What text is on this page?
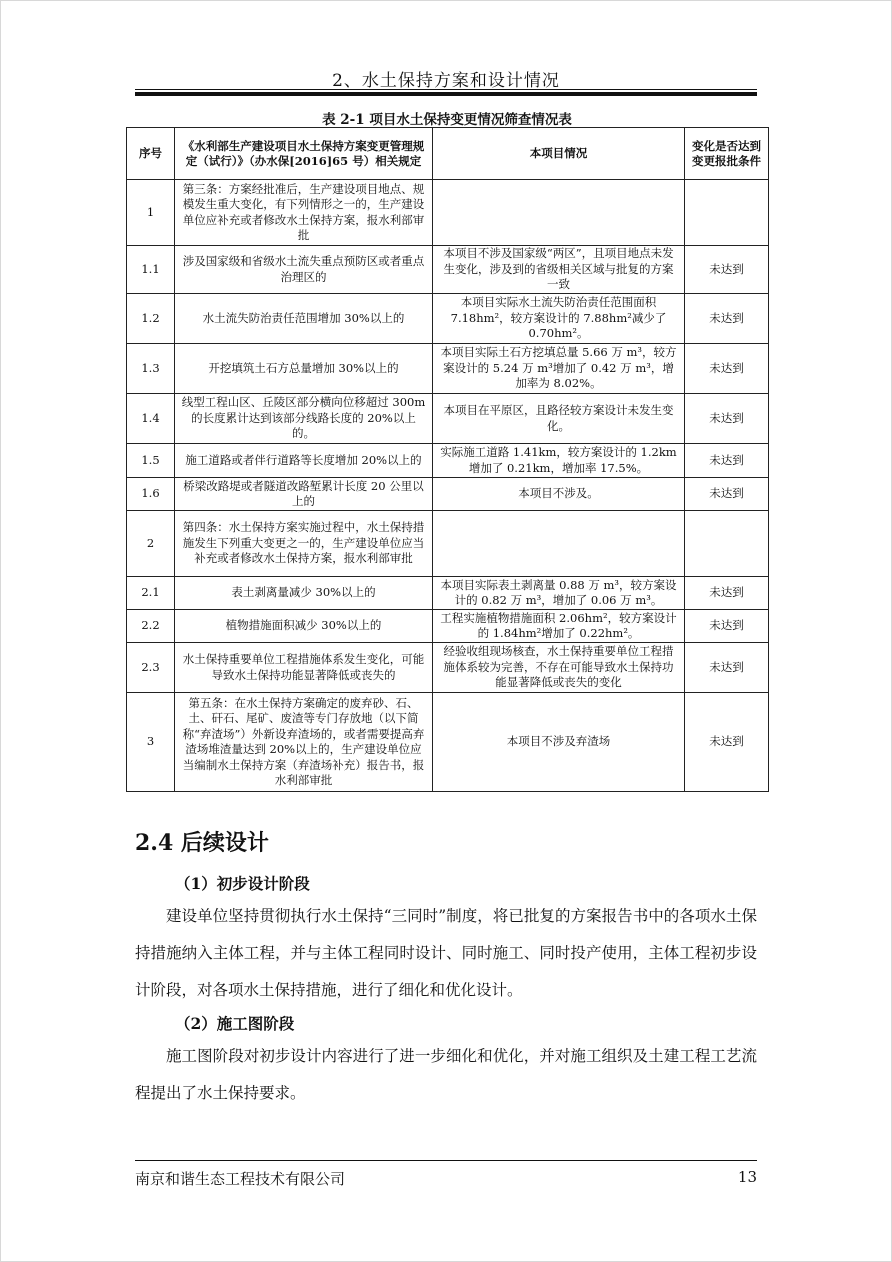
2、水土保持方案和设计情况
表 2-1 项目水土保持变更情况筛查情况表
序号	《水利部生产建设项目水土保持方案变更管理规定（试行）》（办水保[2016]65 号）相关规定	本项目情况	变化是否达到变更报批条件
1	第三条：方案经批准后，生产建设项目地点、规模发生重大变化，有下列情形之一的，生产建设单位应补充或者修改水土保持方案，报水利部审批		
1.1	涉及国家级和省级水土流失重点预防区或者重点治理区的	本项目不涉及国家级“两区”，且项目地点未发生变化，涉及到的省级相关区域与批复的方案一致	未达到
1.2	水土流失防治责任范围增加 30%以上的	本项目实际水土流失防治责任范围面积 7.18hm²，较方案设计的 7.88hm²减少了 0.70hm²。	未达到
1.3	开挖填筑土石方总量增加 30%以上的	本项目实际土石方挖填总量 5.66 万 m³，较方案设计的 5.24 万 m³增加了 0.42 万 m³，增加率为 8.02%。	未达到
1.4	线型工程山区、丘陵区部分横向位移超过 300m 的长度累计达到该部分线路长度的 20%以上的。	本项目在平原区，且路径较方案设计未发生变化。	未达到
1.5	施工道路或者伴行道路等长度增加 20%以上的	实际施工道路 1.41km，较方案设计的 1.2km 增加了 0.21km，增加率 17.5%。	未达到
1.6	桥梁改路堤或者隧道改路堑累计长度 20 公里以上的	本项目不涉及。	未达到
2	第四条：水土保持方案实施过程中，水土保持措施发生下列重大变更之一的，生产建设单位应当补充或者修改水土保持方案，报水利部审批		
2.1	表土剥离量减少 30%以上的	本项目实际表土剥离量 0.88 万 m³，较方案设计的 0.82 万 m³，增加了 0.06 万 m³。	未达到
2.2	植物措施面积减少 30%以上的	工程实施植物措施面积 2.06hm²，较方案设计的 1.84hm²增加了 0.22hm²。	未达到
2.3	水土保持重要单位工程措施体系发生变化，可能导致水土保持功能显著降低或丧失的	经验收组现场核查，水土保持重要单位工程措施体系较为完善，不存在可能导致水土保持功能显著降低或丧失的变化	未达到
3	第五条：在水土保持方案确定的废弃砂、石、土、矸石、尾矿、废渣等专门存放地（以下简称“弃渣场”）外新设弃渣场的，或者需要提高弃渣场堆渣量达到 20%以上的，生产建设单位应当编制水土保持方案（弃渣场补充）报告书，报水利部审批	本项目不涉及弃渣场	未达到
2.4 后续设计

（1）初步设计阶段

建设单位坚持贯彻执行水土保持“三同时”制度，将已批复的方案报告书中的各项水土保持措施纳入主体工程，并与主体工程同时设计、同时施工、同时投产使用，主体工程初步设计阶段，对各项水土保持措施，进行了细化和优化设计。

（2）施工图阶段

施工图阶段对初步设计内容进行了进一步细化和优化，并对施工组织及土建工程工艺流程提出了水土保持要求。

南京和谐生态工程技术有限公司	13
